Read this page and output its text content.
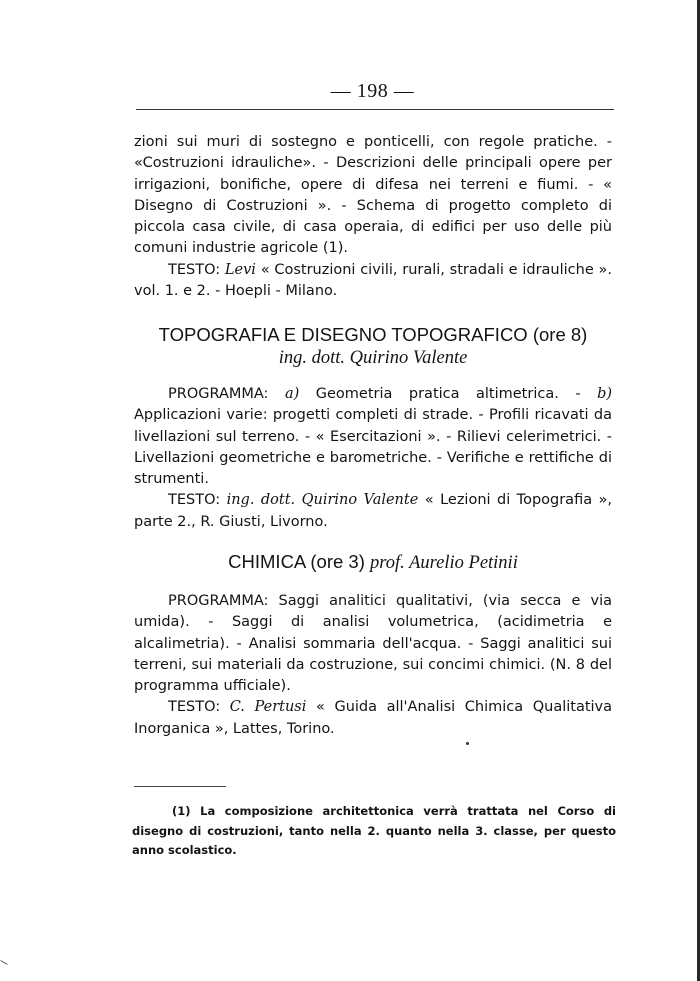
— 198 —

zioni sui muri di sostegno e ponticelli, con regole pratiche. - «Costruzioni idrauliche». - Descrizioni delle principali opere per irrigazioni, bonifiche, opere di difesa nei terreni e fiumi. - « Disegno di Costruzioni ». - Schema di progetto completo di piccola casa civile, di casa operaia, di edifici per uso delle più comuni industrie agricole (1).

TESTO: Levi « Costruzioni civili, rurali, stradali e idrauliche ». vol. 1. e 2. - Hoepli - Milano.

TOPOGRAFIA E DISEGNO TOPOGRAFICO (ore 8)
ing. dott. Quirino Valente

PROGRAMMA: a) Geometria pratica altimetrica. - b) Applicazioni varie: progetti completi di strade. - Profili ricavati da livellazioni sul terreno. - « Esercitazioni ». - Rilievi celerimetrici. - Livellazioni geometriche e barometriche. - Verifiche e rettifiche di strumenti.

TESTO: ing. dott. Quirino Valente « Lezioni di Topografia », parte 2., R. Giusti, Livorno.

CHIMICA (ore 3) prof. Aurelio Petinii

PROGRAMMA: Saggi analitici qualitativi, (via secca e via umida). - Saggi di analisi volumetrica, (acidimetria e alcalimetria). - Analisi sommaria dell'acqua. - Saggi analitici sui terreni, sui materiali da costruzione, sui concimi chimici. (N. 8 del programma ufficiale).

TESTO: C. Pertusi « Guida all'Analisi Chimica Qualitativa Inorganica », Lattes, Torino.

(1) La composizione architettonica verrà trattata nel Corso di disegno di costruzioni, tanto nella 2. quanto nella 3. classe, per questo anno scolastico.
